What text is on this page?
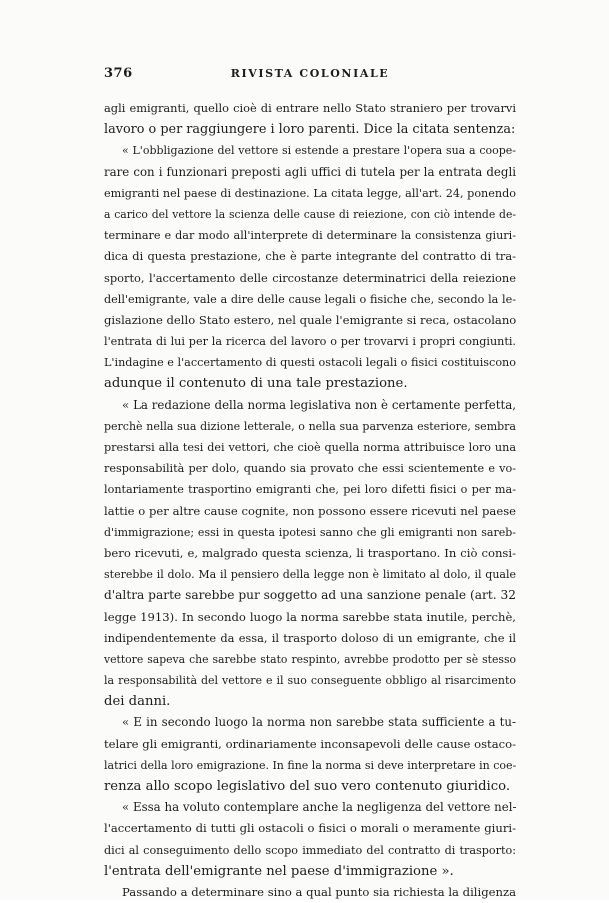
376	RIVISTA COLONIALE
agli emigranti, quello cioè di entrare nello Stato straniero per trovarvi
lavoro o per raggiungere i loro parenti. Dice la citata sentenza:
« L'obbligazione del vettore si estende a prestare l'opera sua a coope-
rare con i funzionari preposti agli uffici di tutela per la entrata degli
emigranti nel paese di destinazione. La citata legge, all'art. 24, ponendo
a carico del vettore la scienza delle cause di reiezione, con ciò intende de-
terminare e dar modo all'interprete di determinare la consistenza giuri-
dica di questa prestazione, che è parte integrante del contratto di tra-
sporto, l'accertamento delle circostanze determinatrici della reiezione
dell'emigrante, vale a dire delle cause legali o fisiche che, secondo la le-
gislazione dello Stato estero, nel quale l'emigrante si reca, ostacolano
l'entrata di lui per la ricerca del lavoro o per trovarvi i propri congiunti.
L'indagine e l'accertamento di questi ostacoli legali o fisici costituiscono
adunque il contenuto di una tale prestazione.
« La redazione della norma legislativa non è certamente perfetta,
perchè nella sua dizione letterale, o nella sua parvenza esteriore, sembra
prestarsi alla tesi dei vettori, che cioè quella norma attribuisce loro una
responsabilità per dolo, quando sia provato che essi scientemente e vo-
lontariamente trasportino emigranti che, pei loro difetti fisici o per ma-
lattie o per altre cause cognite, non possono essere ricevuti nel paese
d'immigrazione; essi in questa ipotesi sanno che gli emigranti non sareb-
bero ricevuti, e, malgrado questa scienza, li trasportano. In ciò consi-
sterebbe il dolo. Ma il pensiero della legge non è limitato al dolo, il quale
d'altra parte sarebbe pur soggetto ad una sanzione penale (art. 32
legge 1913). In secondo luogo la norma sarebbe stata inutile, perchè,
indipendentemente da essa, il trasporto doloso di un emigrante, che il
vettore sapeva che sarebbe stato respinto, avrebbe prodotto per sè stesso
la responsabilità del vettore e il suo conseguente obbligo al risarcimento
dei danni.
« E in secondo luogo la norma non sarebbe stata sufficiente a tu-
telare gli emigranti, ordinariamente inconsapevoli delle cause ostaco-
latrici della loro emigrazione. In fine la norma si deve interpretare in coe-
renza allo scopo legislativo del suo vero contenuto giuridico.
« Essa ha voluto contemplare anche la negligenza del vettore nel-
l'accertamento di tutti gli ostacoli o fisici o morali o meramente giuri-
dici al conseguimento dello scopo immediato del contratto di trasporto:
l'entrata dell'emigrante nel paese d'immigrazione ».
Passando a determinare sino a qual punto sia richiesta la diligenza
